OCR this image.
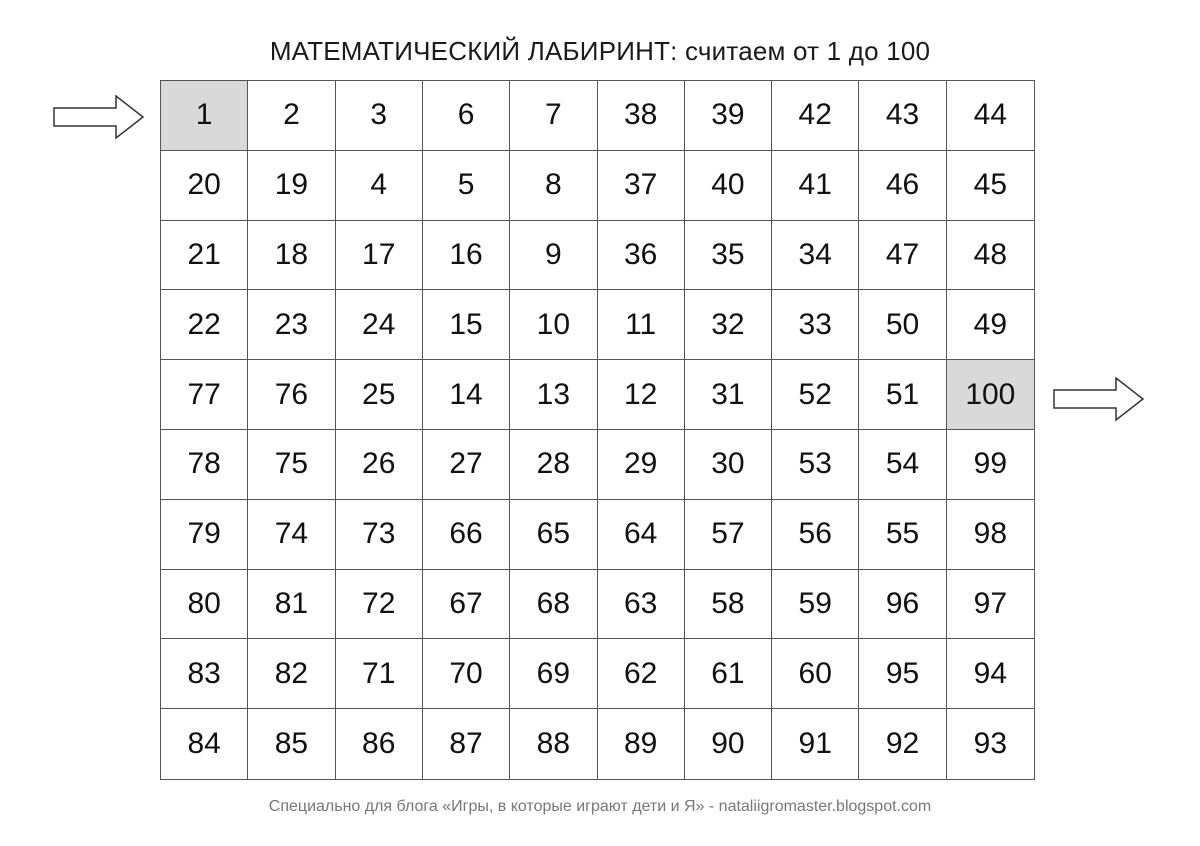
МАТЕМАТИЧЕСКИЙ ЛАБИРИНТ: считаем от 1 до 100
1	2	3	6	7	38	39	42	43	44
20	19	4	5	8	37	40	41	46	45
21	18	17	16	9	36	35	34	47	48
22	23	24	15	10	11	32	33	50	49
77	76	25	14	13	12	31	52	51	100
78	75	26	27	28	29	30	53	54	99
79	74	73	66	65	64	57	56	55	98
80	81	72	67	68	63	58	59	96	97
83	82	71	70	69	62	61	60	95	94
84	85	86	87	88	89	90	91	92	93
Специально для блога «Игры, в которые играют дети и Я» - nataliigromaster.blogspot.com
